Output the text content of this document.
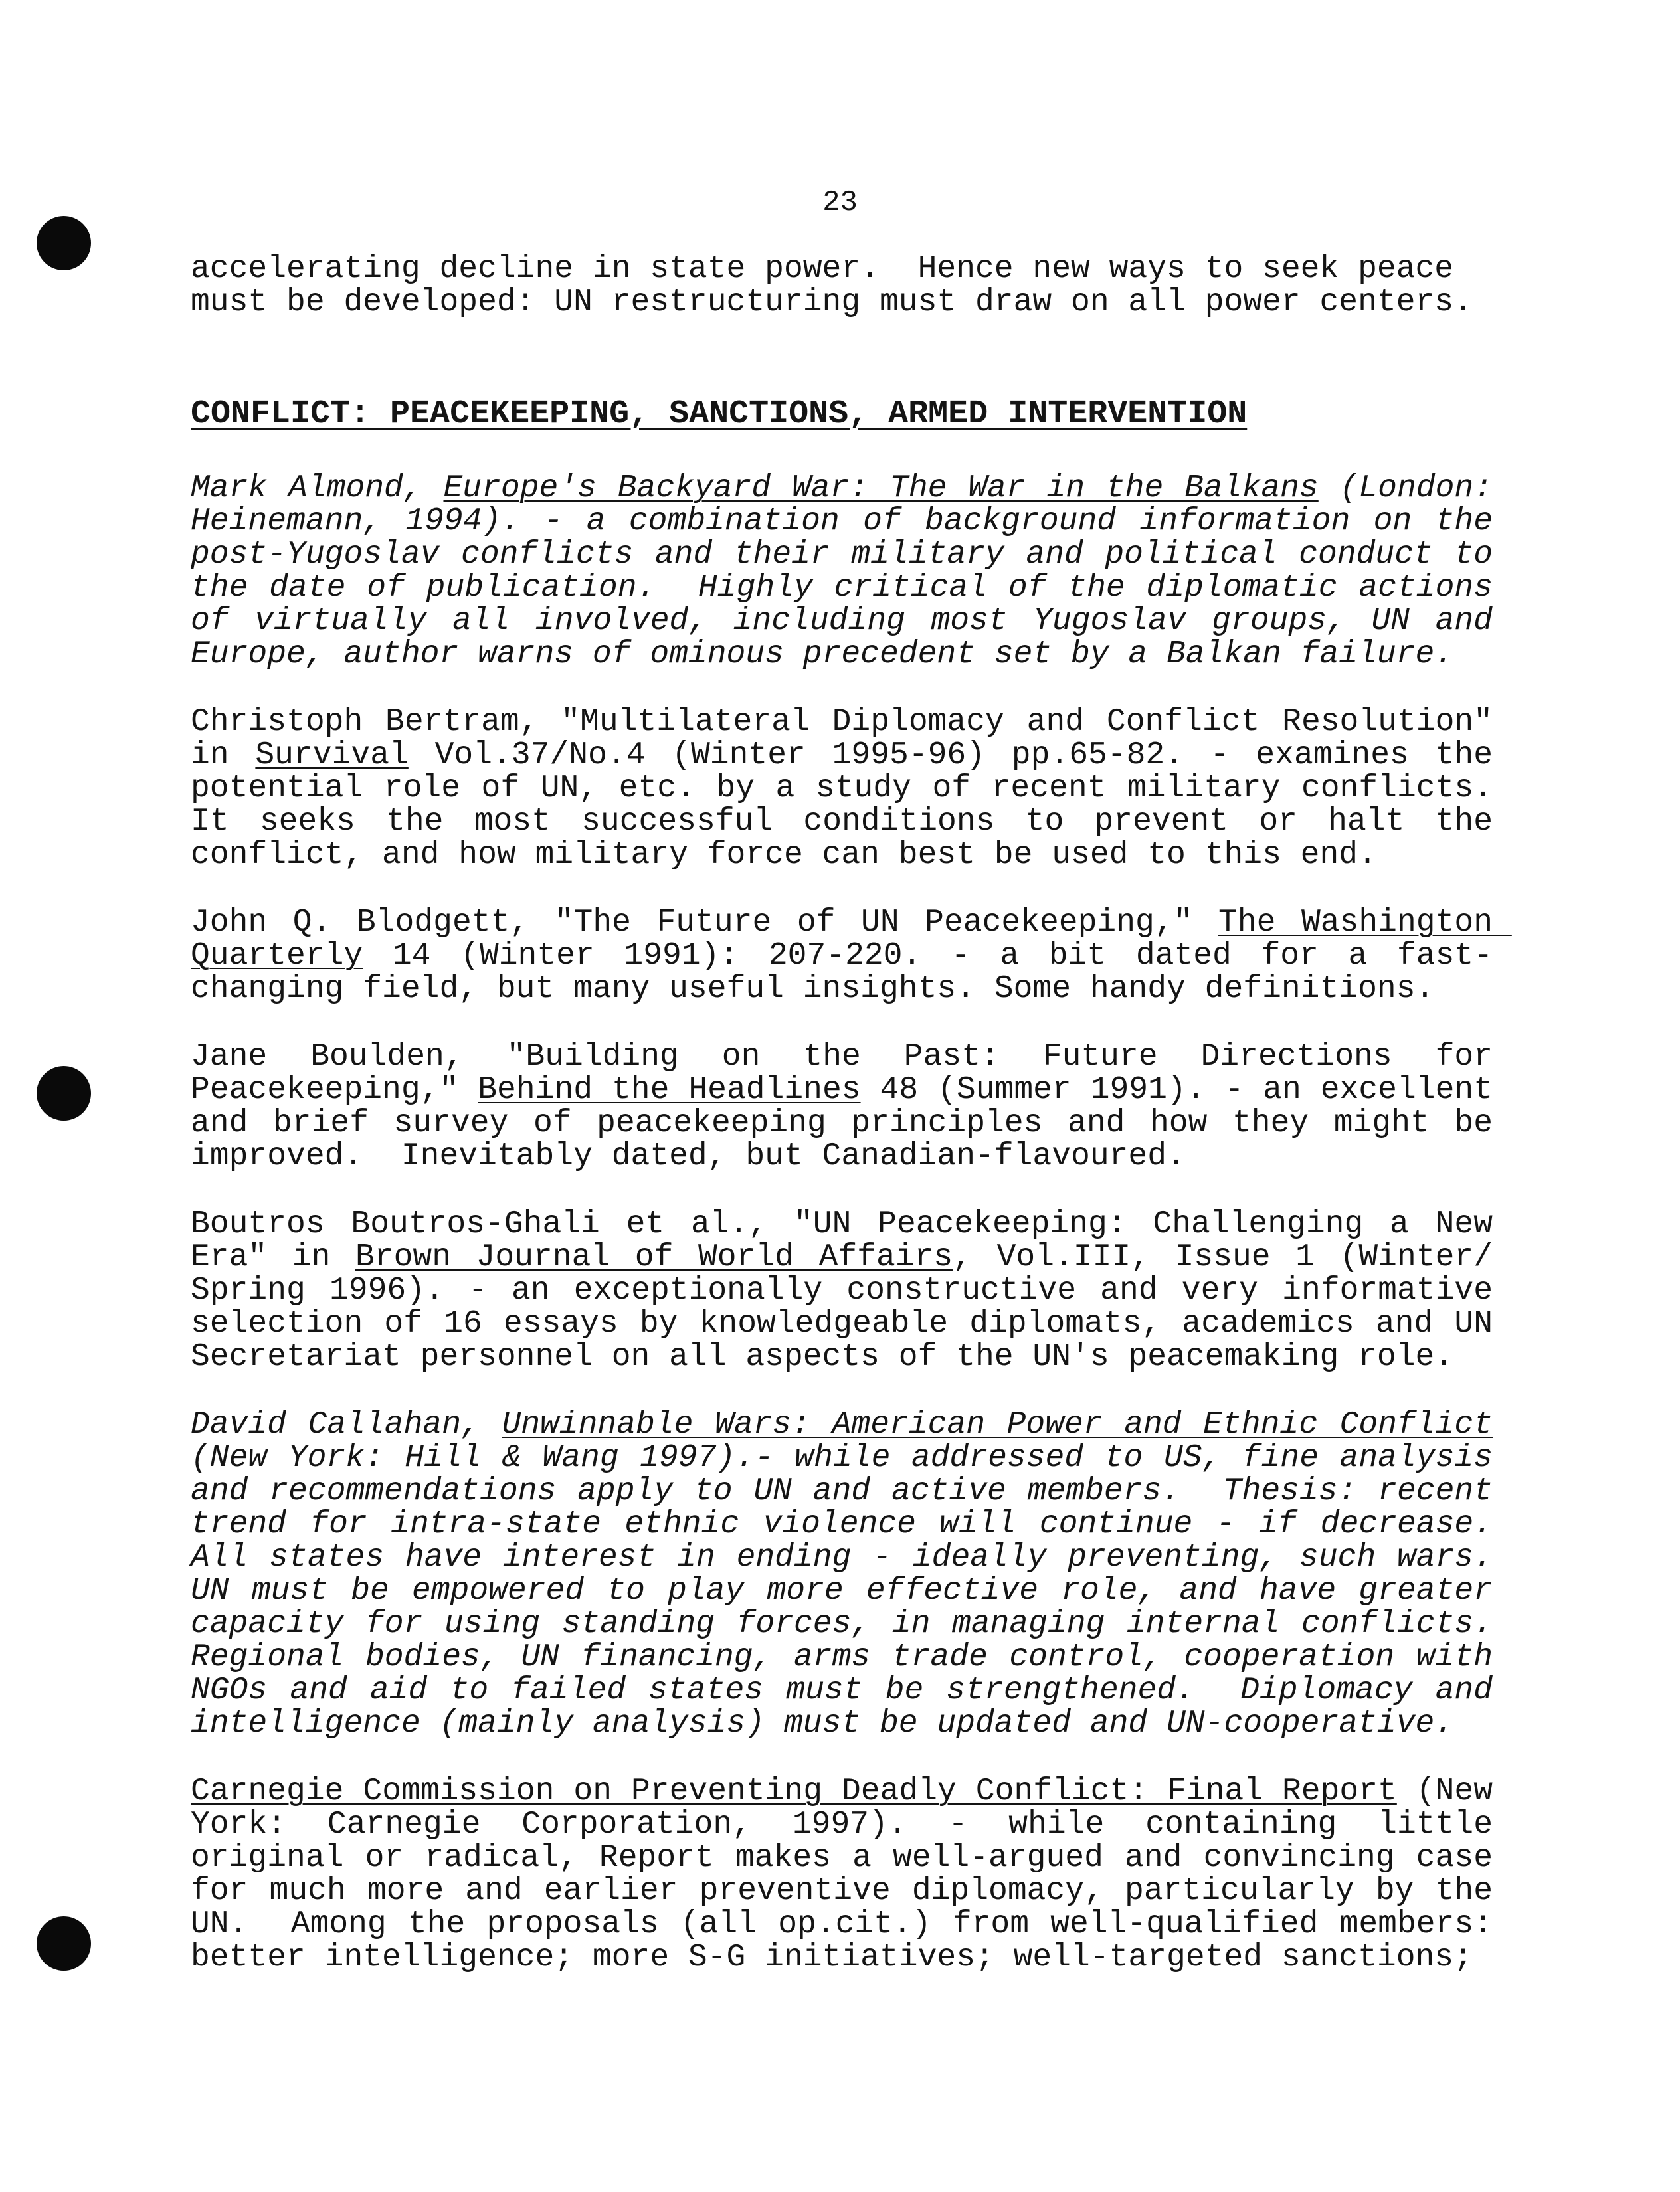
23

accelerating decline in state power.  Hence new ways to seek peace
must be developed: UN restructuring must draw on all power centers.

CONFLICT: PEACEKEEPING, SANCTIONS, ARMED INTERVENTION

Mark Almond, Europe's Backyard War: The War in the Balkans (London: Heinemann, 1994). - a combination of background information on the post-Yugoslav conflicts and their military and political conduct to the date of publication.  Highly critical of the diplomatic actions of virtually all involved, including most Yugoslav groups, UN and Europe, author warns of ominous precedent set by a Balkan failure.

Christoph Bertram, "Multilateral Diplomacy and Conflict Resolution" in Survival Vol.37/No.4 (Winter 1995-96) pp.65-82. - examines the potential role of UN, etc. by a study of recent military conflicts. It seeks the most successful conditions to prevent or halt the conflict, and how military force can best be used to this end.

John Q. Blodgett, "The Future of UN Peacekeeping," The Washington Quarterly 14 (Winter 1991): 207-220. - a bit dated for a fast-changing field, but many useful insights. Some handy definitions.

Jane Boulden, "Building on the Past: Future Directions for Peacekeeping," Behind the Headlines 48 (Summer 1991). - an excellent and brief survey of peacekeeping principles and how they might be improved.  Inevitably dated, but Canadian-flavoured.

Boutros Boutros-Ghali et al., "UN Peacekeeping: Challenging a New Era" in Brown Journal of World Affairs, Vol.III, Issue 1 (Winter/ Spring 1996). - an exceptionally constructive and very informative selection of 16 essays by knowledgeable diplomats, academics and UN Secretariat personnel on all aspects of the UN's peacemaking role.

David Callahan, Unwinnable Wars: American Power and Ethnic Conflict (New York: Hill & Wang 1997).- while addressed to US, fine analysis and recommendations apply to UN and active members.  Thesis: recent trend for intra-state ethnic violence will continue - if decrease. All states have interest in ending - ideally preventing, such wars. UN must be empowered to play more effective role, and have greater capacity for using standing forces, in managing internal conflicts. Regional bodies, UN financing, arms trade control, cooperation with NGOs and aid to failed states must be strengthened.  Diplomacy and intelligence (mainly analysis) must be updated and UN-cooperative.

Carnegie Commission on Preventing Deadly Conflict: Final Report (New York: Carnegie Corporation, 1997). - while containing little original or radical, Report makes a well-argued and convincing case for much more and earlier preventive diplomacy, particularly by the UN.  Among the proposals (all op.cit.) from well-qualified members: better intelligence; more S-G initiatives; well-targeted sanctions;
